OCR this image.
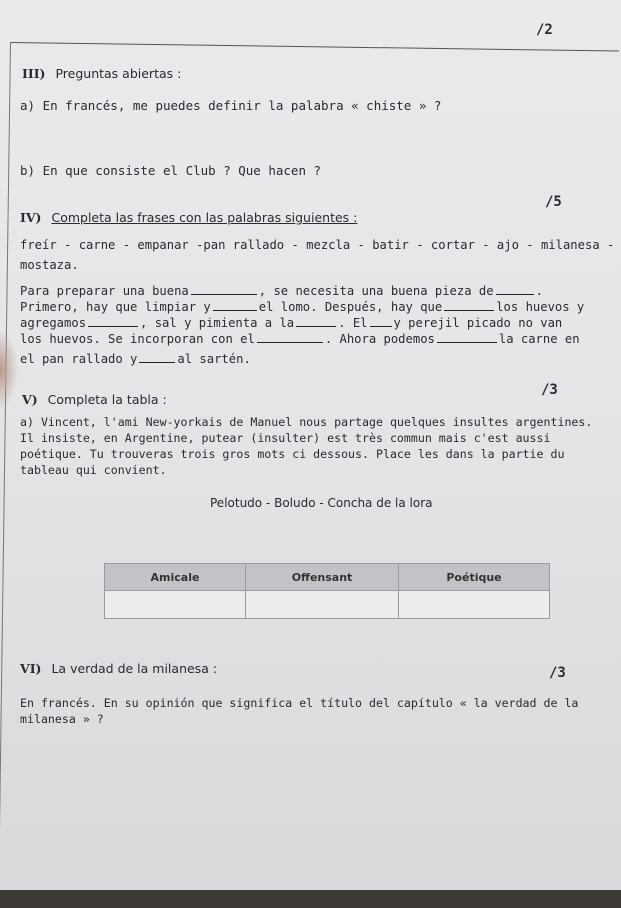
/2
III) Preguntas abiertas :
a) En francés, me puedes definir la palabra « chiste » ?
b) En que consiste el Club ? Que hacen ?
/5
IV) Completa las frases con las palabras siguientes :
freír - carne - empanar -pan rallado - mezcla - batir - cortar - ajo - milanesa -
mostaza.
Para preparar una buena	, se necesita una buena pieza de	.
Primero, hay que limpiar y	el lomo. Después, hay que	los huevos y
agregamos	, sal y pimienta a la	. El y perejil picado no van
los huevos. Se incorporan con el	. Ahora podemos	la carne en
el pan rallado y	al sartén.
/3
V) Completa la tabla :
a) Vincent, l'ami New-yorkais de Manuel nous partage quelques insultes argentines. Il insiste, en Argentine, putear (insulter) est très commun mais c'est aussi poétique. Tu trouveras trois gros mots ci dessous. Place les dans la partie du tableau qui convient.
Pelotudo - Boludo - Concha de la lora
Amicale	Offensant	Poétique

VI) La verdad de la milanesa :	/3
En francés. En su opinión que significa el título del capítulo « la verdad de la milanesa » ?
